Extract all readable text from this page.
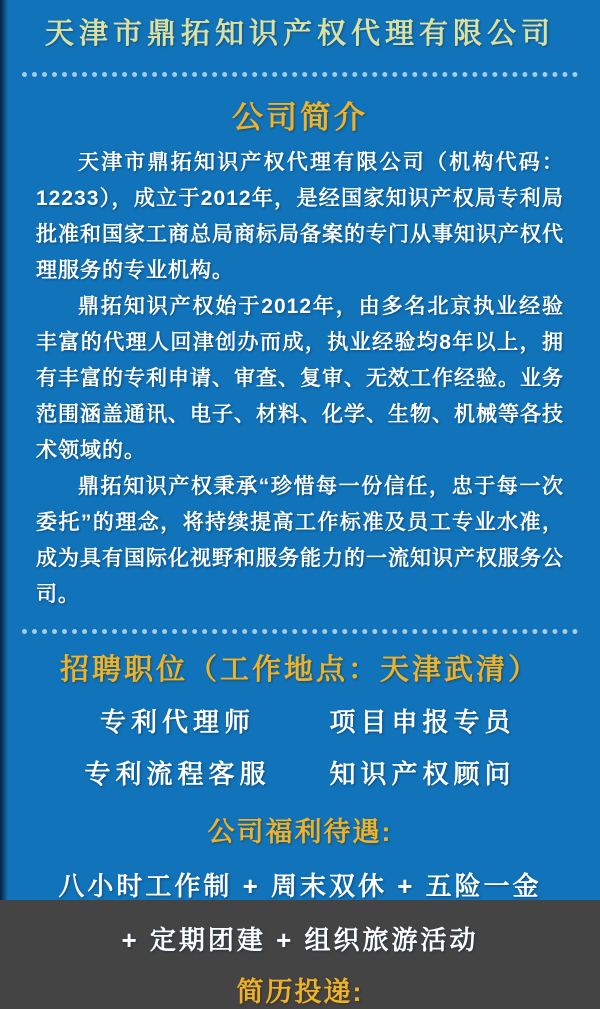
天津市鼎拓知识产权代理有限公司
公司简介

天津市鼎拓知识产权代理有限公司（机构代码：12233），成立于2012年，是经国家知识产权局专利局批准和国家工商总局商标局备案的专门从事知识产权代理服务的专业机构。

鼎拓知识产权始于2012年，由多名北京执业经验丰富的代理人回津创办而成，执业经验均8年以上，拥有丰富的专利申请、审查、复审、无效工作经验。业务范围涵盖通讯、电子、材料、化学、生物、机械等各技术领域的。

鼎拓知识产权秉承“珍惜每一份信任，忠于每一次委托”的理念，将持续提高工作标准及员工专业水准，成为具有国际化视野和服务能力的一流知识产权服务公司。

招聘职位（工作地点：天津武清）
专利代理师	项目申报专员
专利流程客服 知识产权顾问
公司福利待遇:
八小时工作制 + 周末双休 + 五险一金
+ 定期团建 + 组织旅游活动
简历投递:
